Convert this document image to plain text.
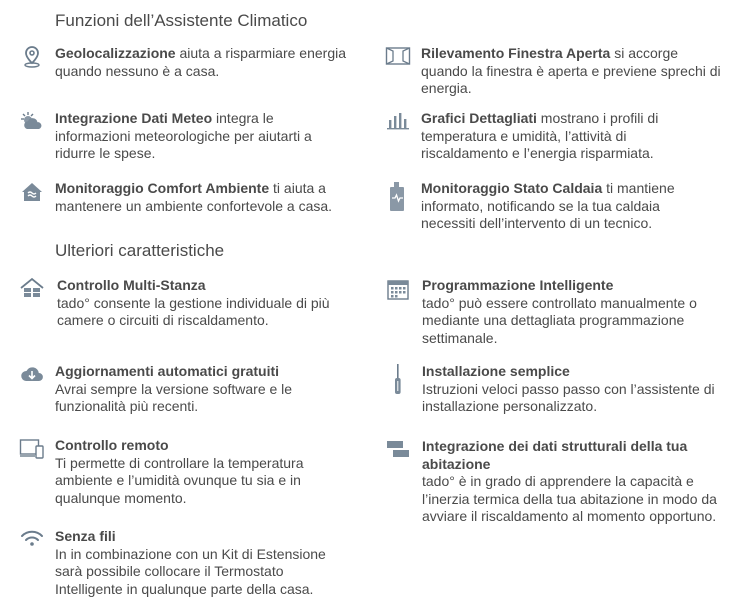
Funzioni dell’Assistente Climatico
Geolocalizzazione aiuta a risparmiare energia quando nessuno è a casa.
Integrazione Dati Meteo integra le informazioni meteorologiche per aiutarti a ridurre le spese.
Monitoraggio Comfort Ambiente ti aiuta a mantenere un ambiente confortevole a casa.
Rilevamento Finestra Aperta si accorge quando la finestra è aperta e previene sprechi di energia.
Grafici Dettagliati mostrano i profili di temperatura e umidità, l’attività di riscaldamento e l’energia risparmiata.
Monitoraggio Stato Caldaia ti mantiene informato, notificando se la tua caldaia necessiti dell’intervento di un tecnico.
Ulteriori caratteristiche
Controllo Multi-Stanza
tado° consente la gestione individuale di più camere o circuiti di riscaldamento.
Aggiornamenti automatici gratuiti
Avrai sempre la versione software e le funzionalità più recenti.
Controllo remoto
Ti permette di controllare la temperatura ambiente e l’umidità ovunque tu sia e in qualunque momento.
Senza fili
In in combinazione con un Kit di Estensione sarà possibile collocare il Termostato Intelligente in qualunque parte della casa.
Programmazione Intelligente
tado° può essere controllato manualmente o mediante una dettagliata programmazione settimanale.
Installazione semplice
Istruzioni veloci passo passo con l’assistente di installazione personalizzato.
Integrazione dei dati strutturali della tua abitazione
tado° è in grado di apprendere la capacità e l’inerzia termica della tua abitazione in modo da avviare il riscaldamento al momento opportuno.
